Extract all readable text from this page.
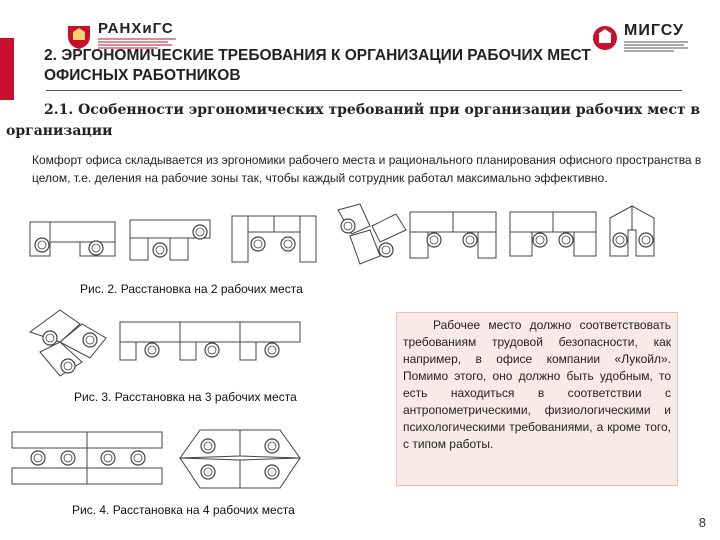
РАНХиГС	МИГСУ
2. ЭРГОНОМИЧЕСКИЕ ТРЕБОВАНИЯ К ОРГАНИЗАЦИИ РАБОЧИХ МЕСТ
ОФИСНЫХ РАБОТНИКОВ
2.1. Особенности эргономических требований при организации рабочих мест в организации
Комфорт офиса складывается из эргономики рабочего места и рационального планирования офисного пространства в целом, т.е. деления на рабочие зоны так, чтобы каждый сотрудник работал максимально эффективно.
Рис. 2. Расстановка на 2 рабочих места
Рис. 3. Расстановка на 3 рабочих места
Рис. 4. Расстановка на 4 рабочих места
Рабочее место должно соответствовать требованиям трудовой безопасности, как например, в офисе компании «Лукойл». Помимо этого, оно должно быть удобным, то есть находиться в соответствии с антропометрическими, физиологическими и психологическими требованиями, а кроме того, с типом работы.
8
